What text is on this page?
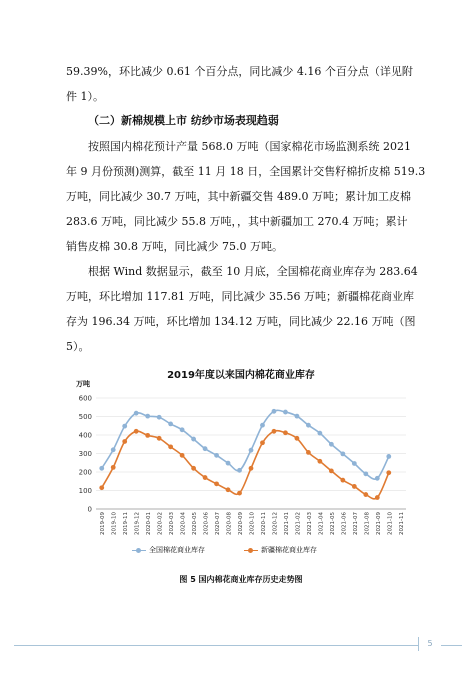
59.39%，环比减少 0.61 个百分点，同比减少 4.16 个百分点（详见附
件 1）。
（二）新棉规模上市 纺纱市场表现趋弱
按照国内棉花预计产量 568.0 万吨（国家棉花市场监测系统 2021
年 9 月份预测)测算，截至 11 月 18 日，全国累计交售籽棉折皮棉 519.3
万吨，同比减少 30.7 万吨，其中新疆交售 489.0 万吨；累计加工皮棉
283.6 万吨，同比减少 55.8 万吨，，其中新疆加工 270.4 万吨；累计
销售皮棉 30.8 万吨，同比减少 75.0 万吨。
根据 Wind 数据显示，截至 10 月底，全国棉花商业库存为 283.64
万吨，环比增加 117.81 万吨，同比减少 35.56 万吨；新疆棉花商业库
存为 196.34 万吨，环比增加 134.12 万吨，同比减少 22.16 万吨（图
5）。
2019年度以来国内棉花商业库存
万吨
0
100
200
300
400
500
600
2019-09 2019-10 2019-11 2019-12 2020-01 2020-02 2020-03 2020-04 2020-05 2020-06 2020-07 2020-08 2020-09 2020-10 2020-11 2020-12 2021-01 2021-02 2021-03 2021-04 2021-05 2021-06 2021-07 2021-08 2021-09 2021-10 2021-11
全国棉花商业库存	新疆棉花商业库存
图 5 国内棉花商业库存历史走势图
5
